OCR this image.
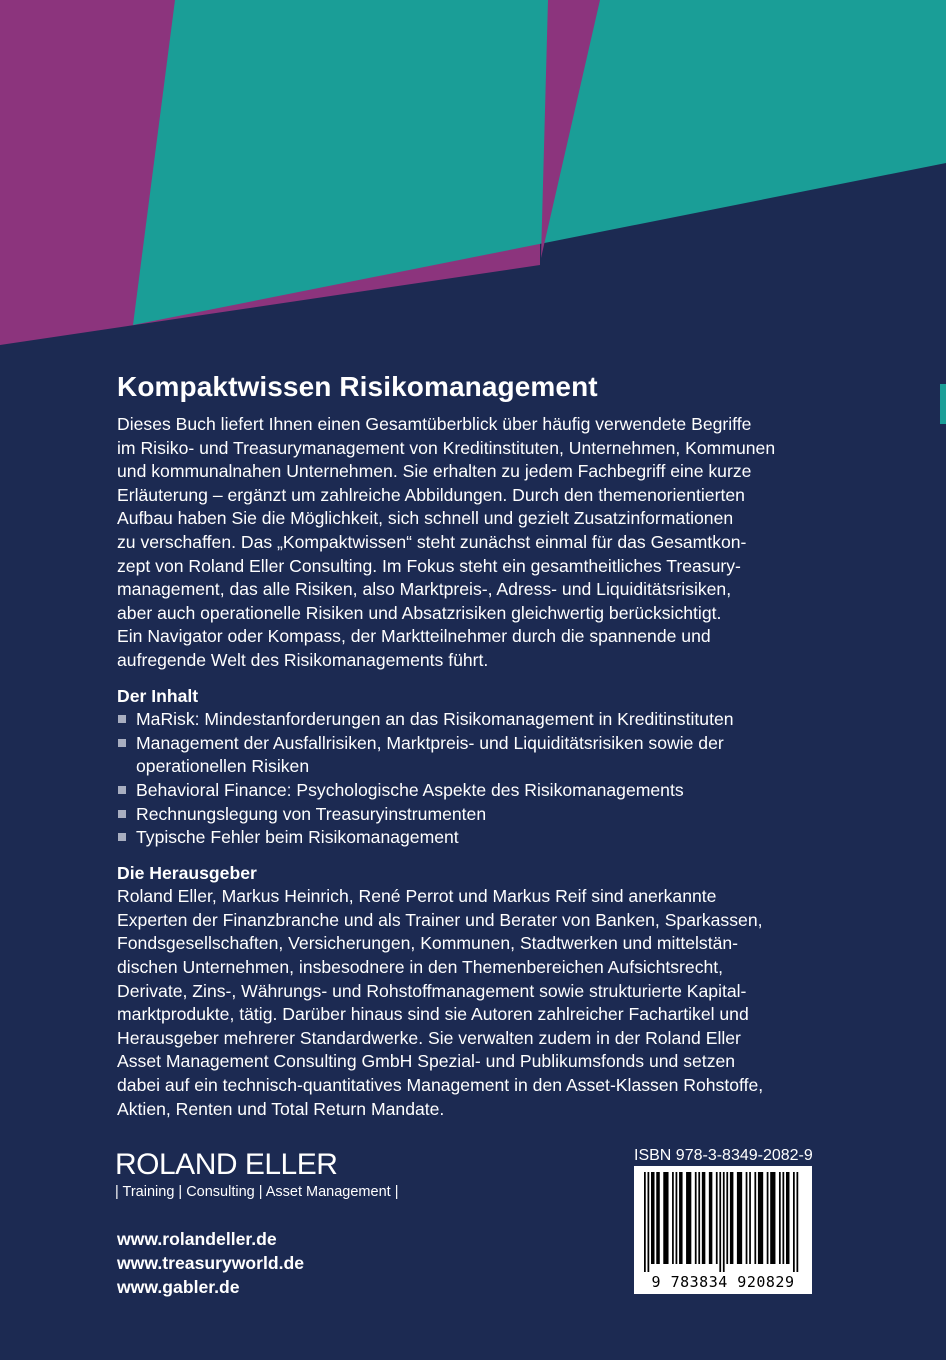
Kompaktwissen Risikomanagement

Dieses Buch liefert Ihnen einen Gesamtüberblick über häufig verwendete Begriffe
im Risiko- und Treasurymanagement von Kreditinstituten, Unternehmen, Kommunen
und kommunalnahen Unternehmen. Sie erhalten zu jedem Fachbegriff eine kurze
Erläuterung – ergänzt um zahlreiche Abbildungen. Durch den themenorientierten
Aufbau haben Sie die Möglichkeit, sich schnell und gezielt Zusatzinformationen
zu verschaffen. Das „Kompaktwissen“ steht zunächst einmal für das Gesamtkon-
zept von Roland Eller Consulting. Im Fokus steht ein gesamtheitliches Treasury-
management, das alle Risiken, also Marktpreis-, Adress- und Liquiditätsrisiken,
aber auch operationelle Risiken und Absatzrisiken gleichwertig berücksichtigt.
Ein Navigator oder Kompass, der Marktteilnehmer durch die spannende und
aufregende Welt des Risikomanagements führt.

Der Inhalt
MaRisk: Mindestanforderungen an das Risikomanagement in Kreditinstituten
Management der Ausfallrisiken, Marktpreis- und Liquiditätsrisiken sowie der
operationellen Risiken
Behavioral Finance: Psychologische Aspekte des Risikomanagements
Rechnungslegung von Treasuryinstrumenten
Typische Fehler beim Risikomanagement
Die Herausgeber

Roland Eller, Markus Heinrich, René Perrot und Markus Reif sind anerkannte
Experten der Finanzbranche und als Trainer und Berater von Banken, Sparkassen,
Fondsgesellschaften, Versicherungen, Kommunen, Stadtwerken und mittelstän-
dischen Unternehmen, insbesodnere in den Themenbereichen Aufsichtsrecht,
Derivate, Zins-, Währungs- und Rohstoffmanagement sowie strukturierte Kapital-
marktprodukte, tätig. Darüber hinaus sind sie Autoren zahlreicher Fachartikel und
Herausgeber mehrerer Standardwerke. Sie verwalten zudem in der Roland Eller
Asset Management Consulting GmbH Spezial- und Publikumsfonds und setzen
dabei auf ein technisch-quantitatives Management in den Asset-Klassen Rohstoffe,
Aktien, Renten und Total Return Mandate.

ROLAND ELLER
| Training | Consulting | Asset Management |
www.rolandeller.de
www.treasuryworld.de
www.gabler.de
ISBN 978-3-8349-2082-9
9 783834 920829
